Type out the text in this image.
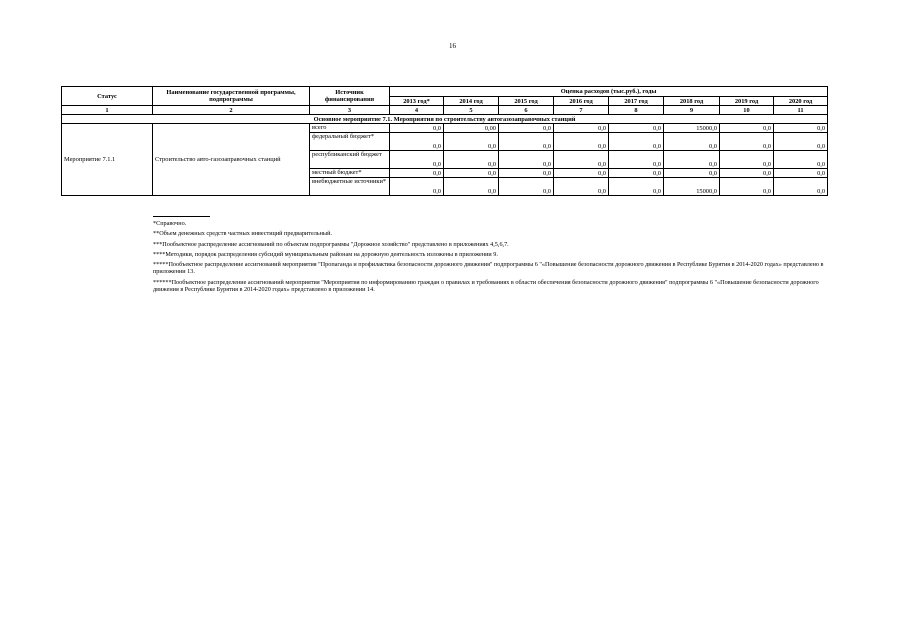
16
Статус	Наименование государственной программы, подпрограммы	Источник финансирования	Оценка расходов (тыс.руб.), годы							
			2013 год*	2014 год	2015 год	2016 год	2017 год	2018 год	2019 год	2020 год
1	2	3	4	5	6	7	8	9	10	11
Основное мероприятие 7.1. Мероприятия по строительству автогазозаправочных станций										
Мероприятие 7.1.1	Строительство авто-газозаправочных станций	всего	0,0	0,00	0,0	0,0	0,0	15000,0	0,0	0,0
		федеральный бюджет*	0,0	0,0	0,0	0,0	0,0	0,0	0,0	0,0
		республиканский бюджет	0,0	0,0	0,0	0,0	0,0	0,0	0,0	0,0
		местный бюджет*	0,0	0,0	0,0	0,0	0,0	0,0	0,0	0,0
		внебюджетные источники*	0,0	0,0	0,0	0,0	0,0	15000,0	0,0	0,0

*Справочно.

**Объем денежных средств частных инвестиций предварительный.

***Пообъектное распределение ассигнований по объектам подпрограммы "Дорожное хозяйство" представлено в приложениях 4,5,6,7.

****Методики, порядок распределения субсидий муниципальным районам на дорожную деятельность изложены в приложении 9.

*****Пообъектное распределение ассигнований мероприятия "Пропаганда и профилактика безопасности дорожного движения" подпрограммы 6 "«Повышение безопасности дорожного движения в Республике Бурятия в 2014-2020 годах» представлено в приложении 13.

******Пообъектное распределение ассигнований мероприятия "Мероприятия по информированию граждан о правилах и требованиях в области обеспечения безопасности дорожного движения" подпрограммы 6 "«Повышение безопасности дорожного движения в Республике Бурятия в 2014-2020 годах» представлено в приложении 14.
